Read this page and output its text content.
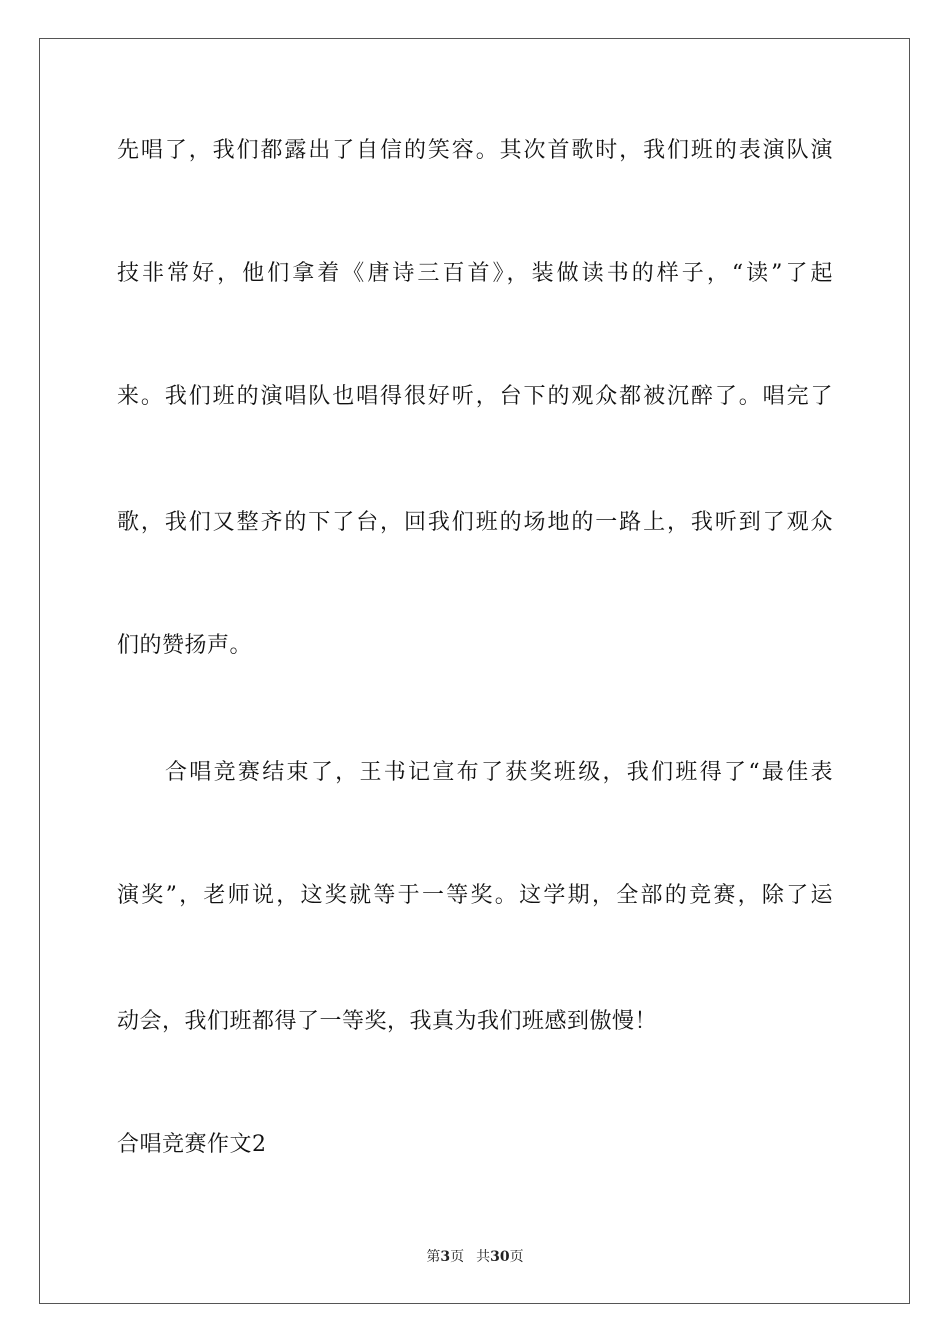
先唱了，我们都露出了自信的笑容。其次首歌时，我们班的表演队演
技非常好，他们拿着《唐诗三百首》，装做读书的样子，“读”了起
来。我们班的演唱队也唱得很好听，台下的观众都被沉醉了。唱完了
歌，我们又整齐的下了台，回我们班的场地的一路上，我听到了观众
们的赞扬声。
合唱竞赛结束了，王书记宣布了获奖班级，我们班得了“最佳表
演奖”，老师说，这奖就等于一等奖。这学期，全部的竞赛，除了运
动会，我们班都得了一等奖，我真为我们班感到傲慢！
合唱竞赛作文2
第3页 共30页
